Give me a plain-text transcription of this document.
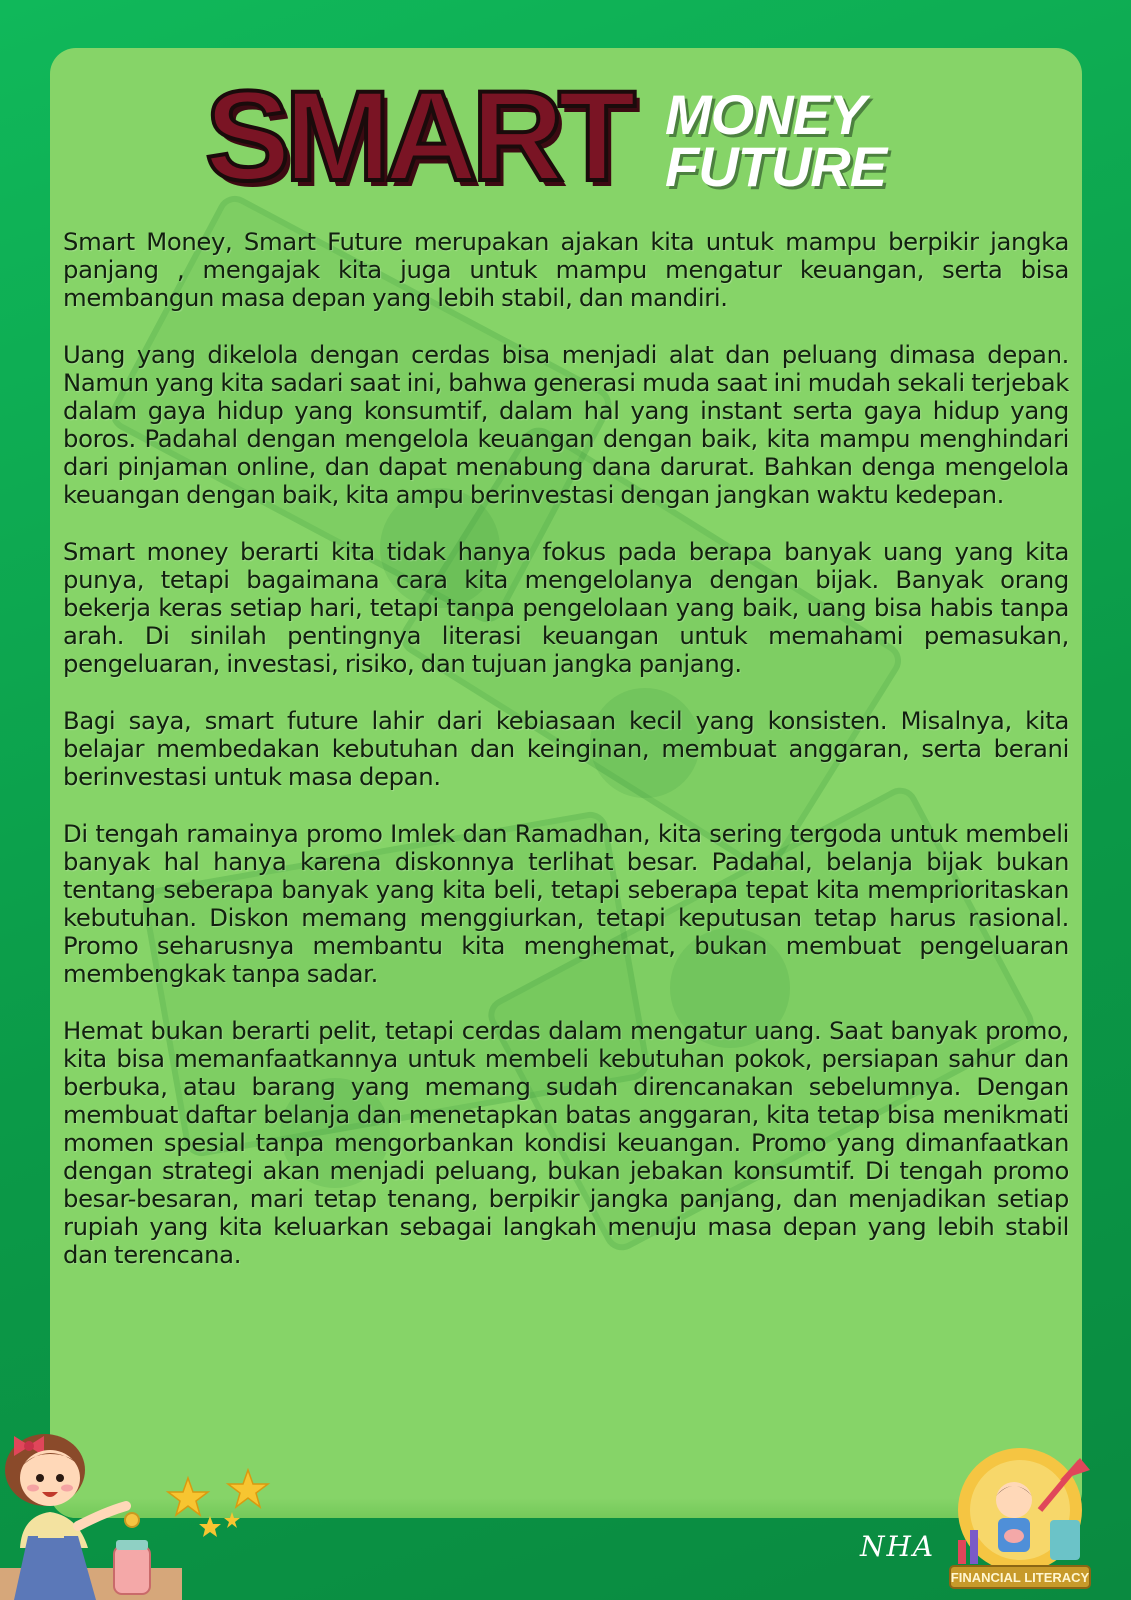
SMART MONEY
FUTURE

Smart Money, Smart Future merupakan ajakan kita untuk mampu berpikir jangka panjang , mengajak kita juga untuk mampu mengatur keuangan, serta bisa membangun masa depan yang lebih stabil, dan mandiri.

Uang yang dikelola dengan cerdas bisa menjadi alat dan peluang dimasa depan. Namun yang kita sadari saat ini, bahwa generasi muda saat ini mudah sekali terjebak dalam gaya hidup yang konsumtif, dalam hal yang instant serta gaya hidup yang boros. Padahal dengan mengelola keuangan dengan baik, kita mampu menghindari dari pinjaman online, dan dapat menabung dana darurat. Bahkan denga mengelola keuangan dengan baik, kita ampu berinvestasi dengan jangkan waktu kedepan.

Smart money berarti kita tidak hanya fokus pada berapa banyak uang yang kita punya, tetapi bagaimana cara kita mengelolanya dengan bijak. Banyak orang bekerja keras setiap hari, tetapi tanpa pengelolaan yang baik, uang bisa habis tanpa arah. Di sinilah pentingnya literasi keuangan untuk memahami pemasukan, pengeluaran, investasi, risiko, dan tujuan jangka panjang.

Bagi saya, smart future lahir dari kebiasaan kecil yang konsisten. Misalnya, kita belajar membedakan kebutuhan dan keinginan, membuat anggaran, serta berani berinvestasi untuk masa depan.

Di tengah ramainya promo Imlek dan Ramadhan, kita sering tergoda untuk membeli banyak hal hanya karena diskonnya terlihat besar. Padahal, belanja bijak bukan tentang seberapa banyak yang kita beli, tetapi seberapa tepat kita memprioritaskan kebutuhan. Diskon memang menggiurkan, tetapi keputusan tetap harus rasional. Promo seharusnya membantu kita menghemat, bukan membuat pengeluaran membengkak tanpa sadar.

Hemat bukan berarti pelit, tetapi cerdas dalam mengatur uang. Saat banyak promo, kita bisa memanfaatkannya untuk membeli kebutuhan pokok, persiapan sahur dan berbuka, atau barang yang memang sudah direncanakan sebelumnya. Dengan membuat daftar belanja dan menetapkan batas anggaran, kita tetap bisa menikmati momen spesial tanpa mengorbankan kondisi keuangan. Promo yang dimanfaatkan dengan strategi akan menjadi peluang, bukan jebakan konsumtif. Di tengah promo besar-besaran, mari tetap tenang, berpikir jangka panjang, dan menjadikan setiap rupiah yang kita keluarkan sebagai langkah menuju masa depan yang lebih stabil dan terencana.

NHA
FINANCIAL LITERACY
